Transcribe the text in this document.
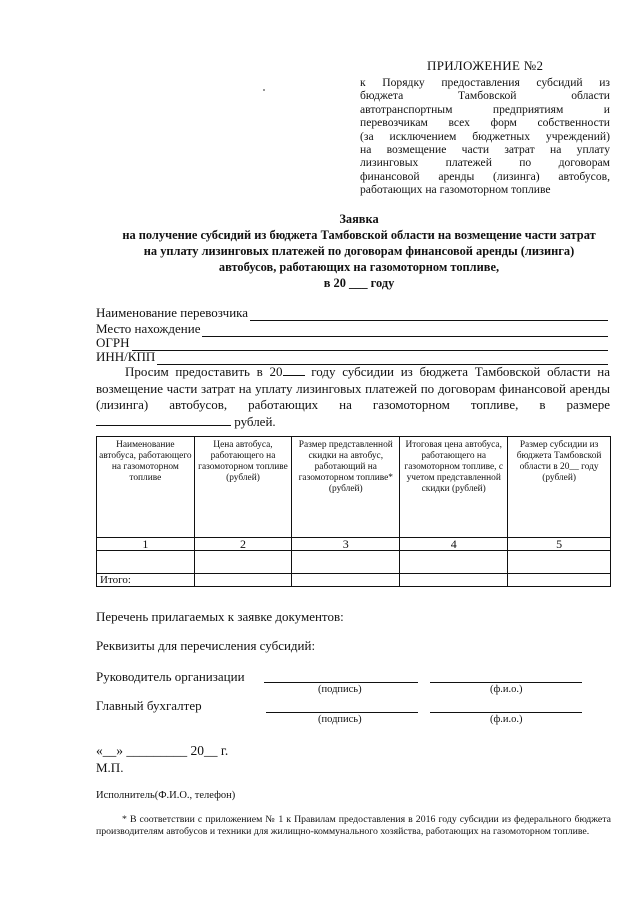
ПРИЛОЖЕНИЕ №2
к Порядку предоставления субсидий из
бюджета Тамбовской области
автотранспортным предприятиям и
перевозчикам всех форм собственности
(за исключением бюджетных учреждений)
на возмещение части затрат на уплату
лизинговых платежей по договорам
финансовой аренды (лизинга) автобусов,
работающих на газомоторном топливе
Заявка
на получение субсидий из бюджета Тамбовской области на возмещение части затрат
на уплату лизинговых платежей по договорам финансовой аренды (лизинга)
автобусов, работающих на газомоторном топливе,
в 20 ___ году
Наименование перевозчика
Место нахождение
ОГРН
ИНН/КПП

Просим предоставить в 20 году субсидии из бюджета Тамбовской области на возмещение части затрат на уплату лизинговых платежей по договорам финансовой аренды (лизинга) автобусов, работающих на газомоторном топливе, в размере  рублей.

Наименование автобуса, работающего на газомоторном топливе	Цена автобуса, работающего на газомоторном топливе (рублей)	Размер представленной скидки на автобус, работающий на газомоторном топливе* (рублей)	Итоговая цена автобуса, работающего на газомоторном топливе, с учетом представленной скидки (рублей)	Размер субсидии из бюджета Тамбовской области в 20__ году (рублей)
1	2	3	4	5

Итого:				
Перечень прилагаемых к заявке документов:
Реквизиты для перечисления субсидий:
Руководитель организации
(подпись)	(ф.и.о.)
Главный бухгалтер
(подпись)	(ф.и.о.)
«__» _________ 20__ г.
М.П.
Исполнитель(Ф.И.О., телефон)

* В соответствии с приложением № 1 к Правилам предоставления в 2016 году субсидии из федерального бюджета производителям автобусов и техники для жилищно-коммунального хозяйства, работающих на газомоторном топливе.
